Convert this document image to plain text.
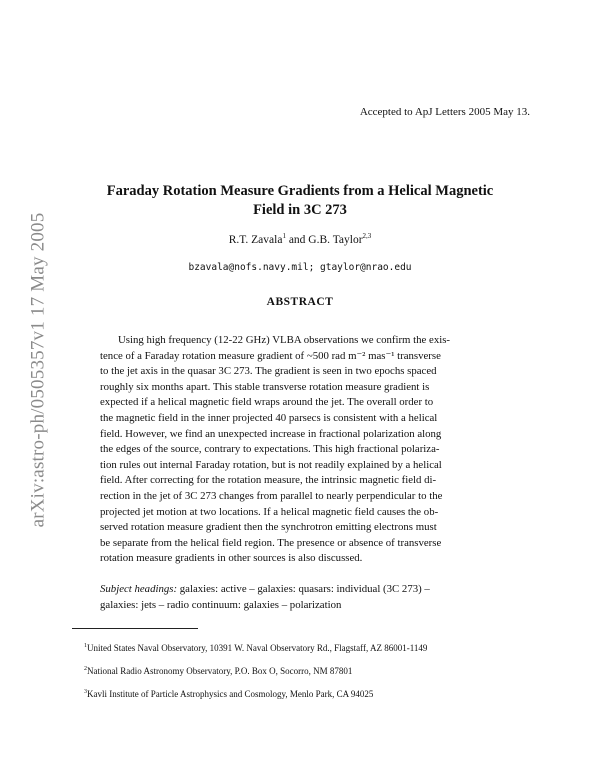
arXiv:astro-ph/0505357v1 17 May 2005
Accepted to ApJ Letters 2005 May 13.
Faraday Rotation Measure Gradients from a Helical Magnetic
Field in 3C 273
R.T. Zavala$^1$ and G.B. Taylor$^{2,3}$
bzavala@nofs.navy.mil; gtaylor@nrao.edu
ABSTRACT
Using high frequency (12-22 GHz) VLBA observations we confirm the exis-
tence of a Faraday rotation measure gradient of ~500 rad m⁻² mas⁻¹ transverse
to the jet axis in the quasar 3C 273. The gradient is seen in two epochs spaced
roughly six months apart. This stable transverse rotation measure gradient is
expected if a helical magnetic field wraps around the jet. The overall order to
the magnetic field in the inner projected 40 parsecs is consistent with a helical
field. However, we find an unexpected increase in fractional polarization along
the edges of the source, contrary to expectations. This high fractional polariza-
tion rules out internal Faraday rotation, but is not readily explained by a helical
field. After correcting for the rotation measure, the intrinsic magnetic field di-
rection in the jet of 3C 273 changes from parallel to nearly perpendicular to the
projected jet motion at two locations. If a helical magnetic field causes the ob-
served rotation measure gradient then the synchrotron emitting electrons must
be separate from the helical field region. The presence or absence of transverse
rotation measure gradients in other sources is also discussed.
Subject headings: galaxies: active – galaxies: quasars: individual (3C 273) –
galaxies: jets – radio continuum: galaxies – polarization
$^1$United States Naval Observatory, 10391 W. Naval Observatory Rd., Flagstaff, AZ 86001-1149
$^2$National Radio Astronomy Observatory, P.O. Box O, Socorro, NM 87801
$^3$Kavli Institute of Particle Astrophysics and Cosmology, Menlo Park, CA 94025
